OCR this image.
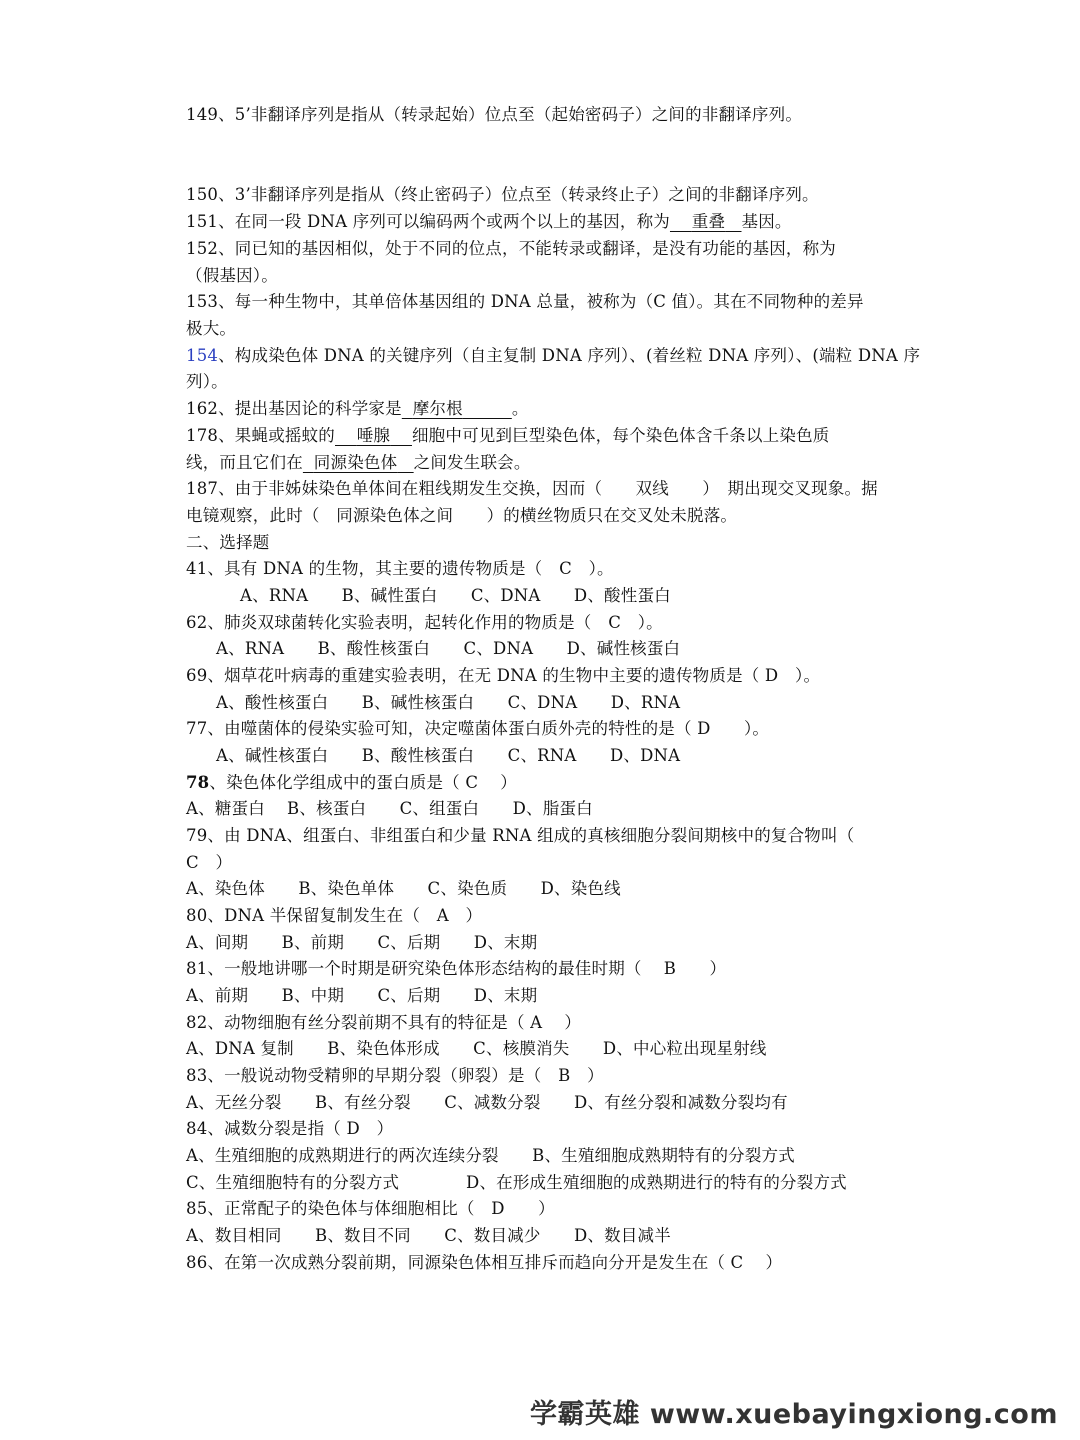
149、5’非翻译序列是指从（转录起始）位点至（起始密码子）之间的非翻译序列。
150、3’非翻译序列是指从（终止密码子）位点至（转录终止子）之间的非翻译序列。
151、在同一段 DNA 序列可以编码两个或两个以上的基因，称为 重叠 基因。
152、同已知的基因相似，处于不同的位点，不能转录或翻译，是没有功能的基因，称为
（假基因）。
153、每一种生物中，其单倍体基因组的 DNA 总量，被称为（C 值）。其在不同物种的差异
极大。
154、构成染色体 DNA 的关键序列（自主复制 DNA 序列）、(着丝粒 DNA 序列）、(端粒 DNA 序
列）。
162、提出基因论的科学家是 摩尔根	。
178、果蝇或摇蚊的 唾腺 细胞中可见到巨型染色体，每个染色体含千条以上染色质
线，而且它们在 同源染色体 之间发生联会。
187、由于非姊妹染色单体间在粗线期发生交换，因而（　　双线　　）　期出现交叉现象。据
电镜观察，此时（　同源染色体之间　　）的横丝物质只在交叉处未脱落。
二、选择题
41、具有 DNA 的生物，其主要的遗传物质是（　C　）。
A、RNA　　B、碱性蛋白　　C、DNA　　D、酸性蛋白
62、肺炎双球菌转化实验表明，起转化作用的物质是（　C　）。
A、RNA　　B、酸性核蛋白　　C、DNA　　D、碱性核蛋白
69、烟草花叶病毒的重建实验表明，在无 DNA 的生物中主要的遗传物质是（ D　）。
A、酸性核蛋白　　B、碱性核蛋白　　C、DNA　　D、RNA
77、由噬菌体的侵染实验可知，决定噬菌体蛋白质外壳的特性的是（ D　　）。
A、碱性核蛋白　　B、酸性核蛋白　　C、RNA　　D、DNA
78、染色体化学组成中的蛋白质是（ C　 ）
A、糖蛋白　 B、核蛋白　　C、组蛋白　　D、脂蛋白
79、由 DNA、组蛋白、非组蛋白和少量 RNA 组成的真核细胞分裂间期核中的复合物叫（
C　）
A、染色体　　B、染色单体　　C、染色质　　D、染色线
80、DNA 半保留复制发生在（　A　）
A、间期　　B、前期　　C、后期　　D、末期
81、一般地讲哪一个时期是研究染色体形态结构的最佳时期（　 B　　）
A、前期　　B、中期　　C、后期　　D、末期
82、动物细胞有丝分裂前期不具有的特征是（ A　 ）
A、DNA 复制　　B、染色体形成　　C、核膜消失　　D、中心粒出现星射线
83、一般说动物受精卵的早期分裂（卵裂）是（　B　）
A、无丝分裂　　B、有丝分裂　　C、减数分裂　　D、有丝分裂和减数分裂均有
84、减数分裂是指（ D　）
A、生殖细胞的成熟期进行的两次连续分裂　　B、生殖细胞成熟期特有的分裂方式
C、生殖细胞特有的分裂方式　　　　D、在形成生殖细胞的成熟期进行的特有的分裂方式
85、正常配子的染色体与体细胞相比（　D　　）
A、数目相同　　B、数目不同　　C、数目减少　　D、数目减半
86、在第一次成熟分裂前期，同源染色体相互排斥而趋向分开是发生在（ C　 ）
学霸英雄 www.xuebayingxiong.com
